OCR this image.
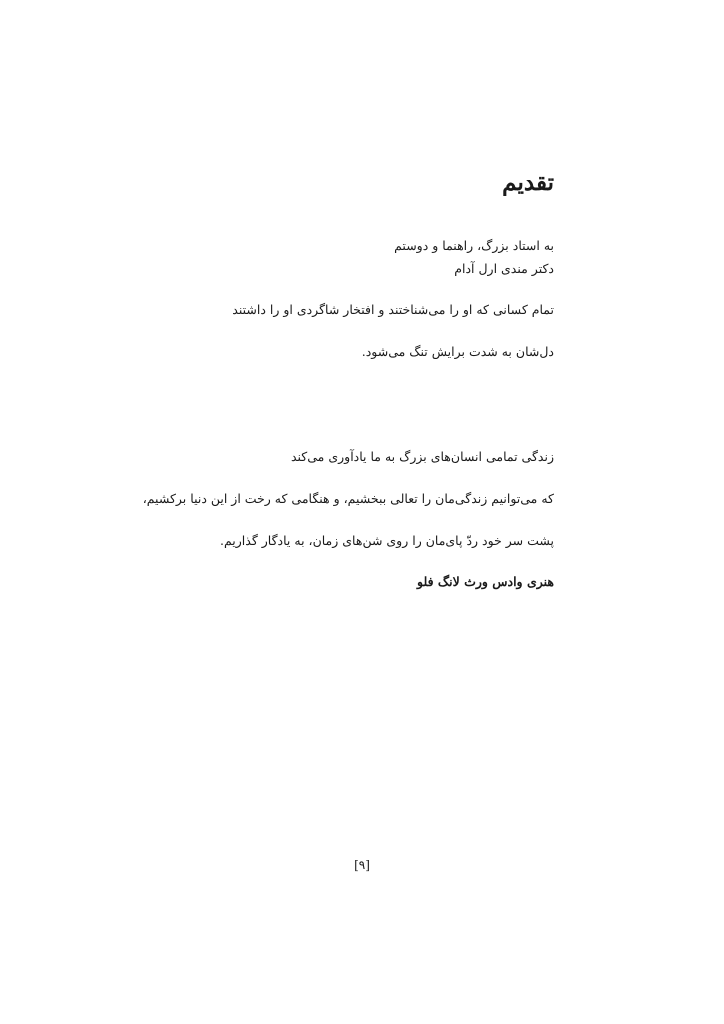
تقدیم
به استاد بزرگ، راهنما و دوستم
دکتر مندی ارل آدام
تمام کسانی که او را می‌شناختند و افتخار شاگردی او را داشتند
دل‌شان به شدت برایش تنگ می‌شود.
زندگی تمامی انسان‌های بزرگ به ما یادآوری می‌کند
که می‌توانیم زندگی‌مان را تعالی ببخشیم، و هنگامی که رخت از این دنیا برکشیم،
پشت سر خود ردّ پای‌مان را روی شن‌های زمان، به یادگار گذاریم.
هنری وادس ورث لانگ فلو
[۹]
